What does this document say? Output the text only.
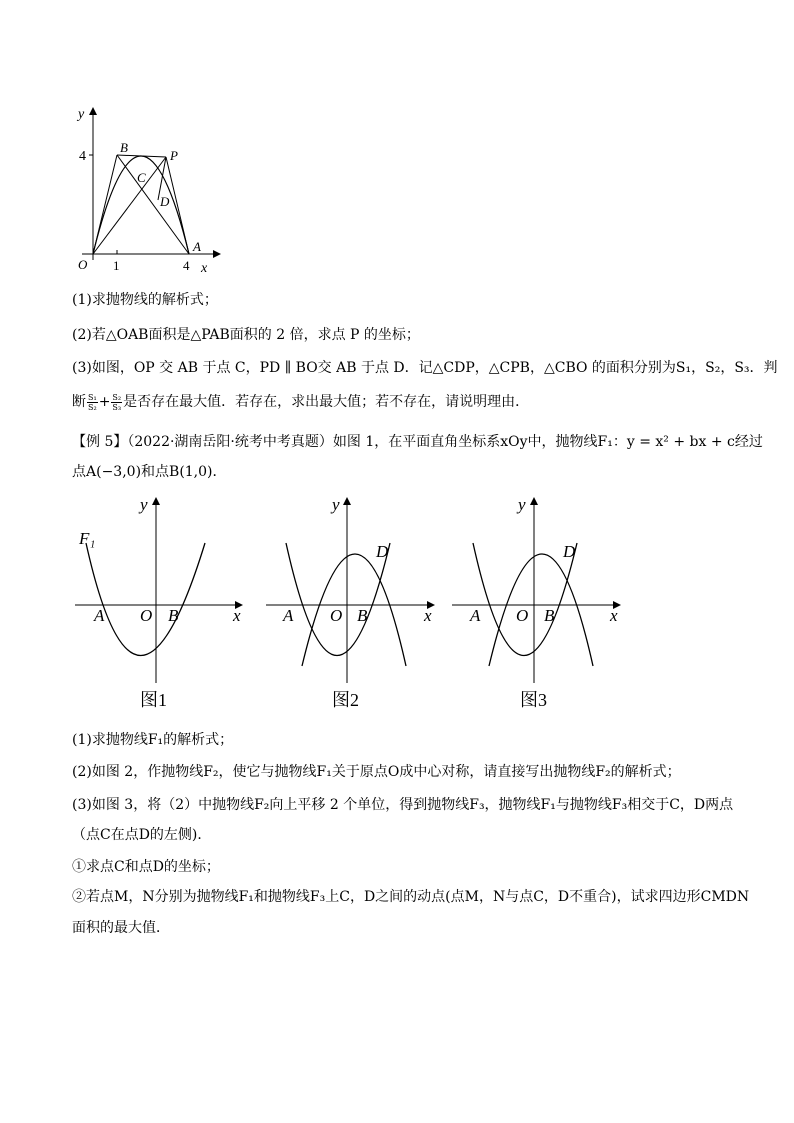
y
4
B
P
C
D
A
O 1	4 x
(1)求抛物线的解析式；
(2)若△OAB面积是△PAB面积的 2 倍，求点 P 的坐标；
(3)如图，OP 交 AB 于点 C，PD ∥ BO交 AB 于点 D．记△CDP，△CPB，△CBO 的面积分别为S₁，S₂，S₃．判
断 $\frac{\text{S₁}}{\text{S₂}} + \frac{\text{S₂}}{\text{S₃}}$ 是否存在最大值．若存在，求出最大值；若不存在，请说明理由．
【例 5】（2022·湖南岳阳·统考中考真题）如图 1，在平面直角坐标系xOy中，抛物线F₁：y = x² + bx + c经过
点A(−3,0)和点B(1,0)．
F₁
y
A O B	x
图1
y
D
A O B	x
图2
y
D
A O B	x
图3
(1)求抛物线F₁的解析式；
(2)如图 2，作抛物线F₂，使它与抛物线F₁关于原点O成中心对称，请直接写出抛物线F₂的解析式；
(3)如图 3，将（2）中抛物线F₂向上平移 2 个单位，得到抛物线F₃，抛物线F₁与抛物线F₃相交于C，D两点
（点C在点D的左侧)．
①求点C和点D的坐标；
②若点M，N分别为抛物线F₁和抛物线F₃上C，D之间的动点(点M，N与点C，D不重合)，试求四边形CMDN
面积的最大值．
